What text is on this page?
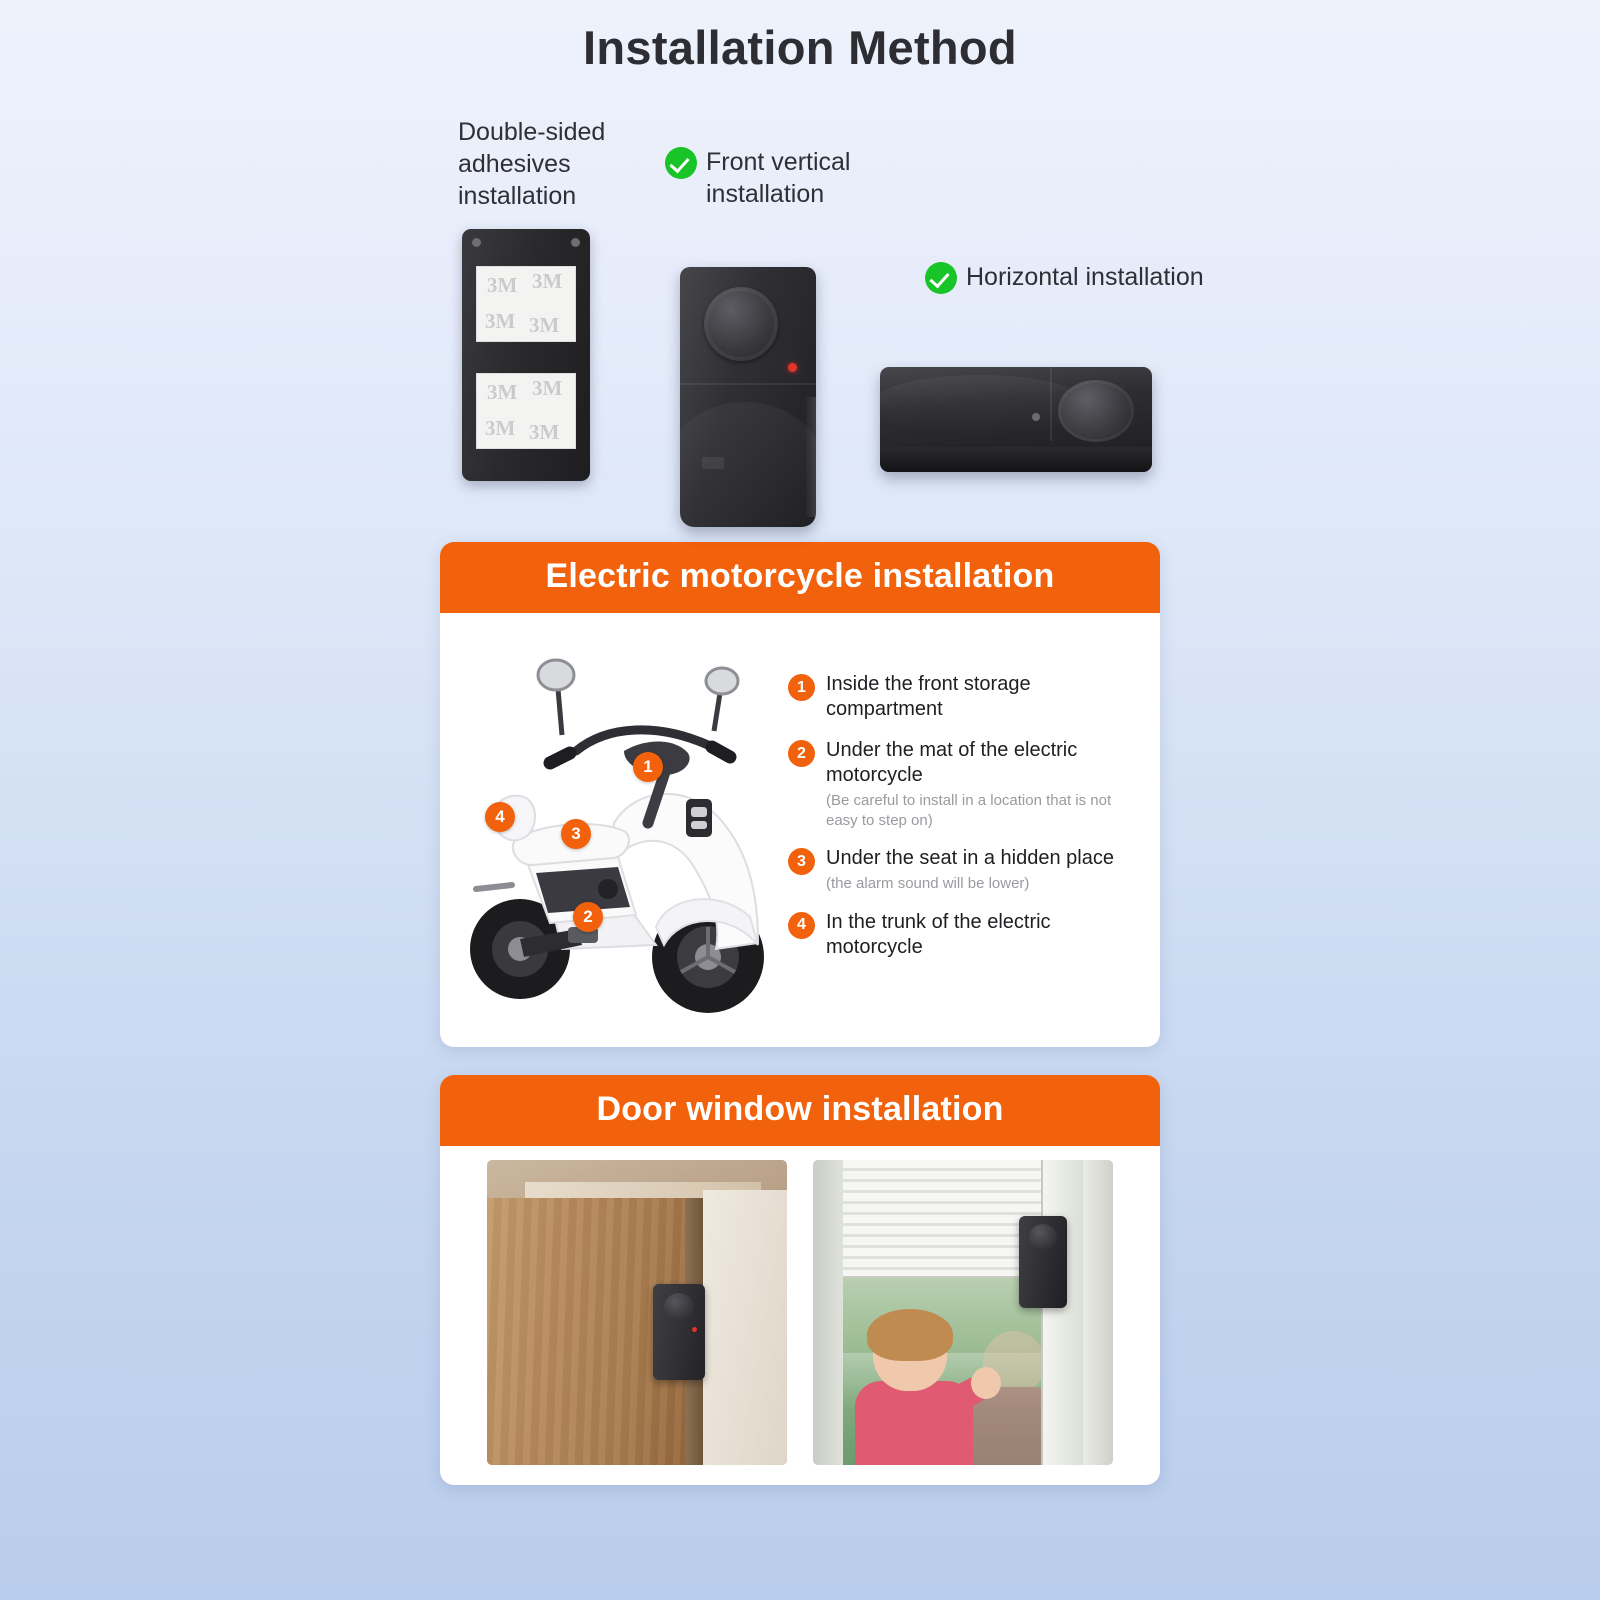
Installation Method
Double-sided adhesives installation
3M 3M
3M 3M
3M 3M
3M 3M
Front vertical installation
Horizontal installation
Electric motorcycle installation
1
2
3
4
1	Inside the front storage compartment
2	Under the mat of the electric motorcycle
(Be careful to install in a location that is not easy to step on)
3	Under the seat in a hidden place
(the alarm sound will be lower)
4	In the trunk of the electric motorcycle
Door window installation
